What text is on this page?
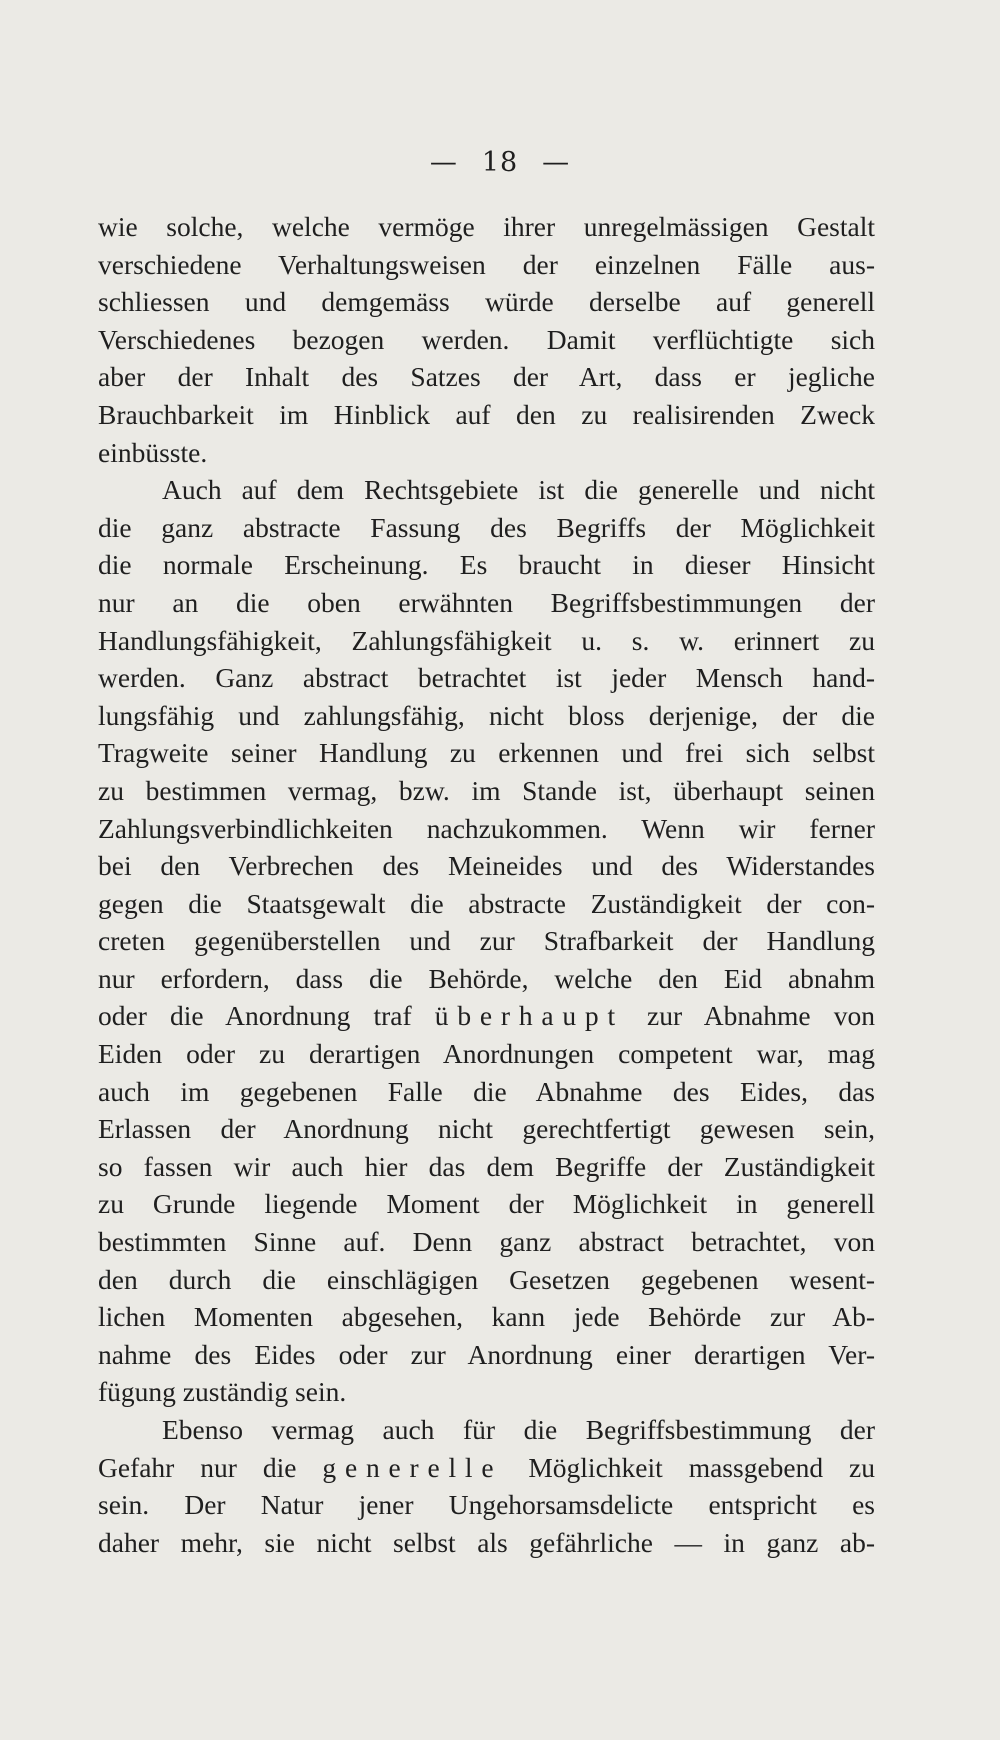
— 18 —
wie solche, welche vermöge ihrer unregelmässigen Gestalt
verschiedene Verhaltungsweisen der einzelnen Fälle aus-
schliessen und demgemäss würde derselbe auf generell
Verschiedenes bezogen werden. Damit verflüchtigte sich
aber der Inhalt des Satzes der Art, dass er jegliche
Brauchbarkeit im Hinblick auf den zu realisirenden Zweck
einbüsste.
Auch auf dem Rechtsgebiete ist die generelle und nicht
die ganz abstracte Fassung des Begriffs der Möglichkeit
die normale Erscheinung. Es braucht in dieser Hinsicht
nur an die oben erwähnten Begriffsbestimmungen der
Handlungsfähigkeit, Zahlungsfähigkeit u. s. w. erinnert zu
werden. Ganz abstract betrachtet ist jeder Mensch hand-
lungsfähig und zahlungsfähig, nicht bloss derjenige, der die
Tragweite seiner Handlung zu erkennen und frei sich selbst
zu bestimmen vermag, bzw. im Stande ist, überhaupt seinen
Zahlungsverbindlichkeiten nachzukommen. Wenn wir ferner
bei den Verbrechen des Meineides und des Widerstandes
gegen die Staatsgewalt die abstracte Zuständigkeit der con-
creten gegenüberstellen und zur Strafbarkeit der Handlung
nur erfordern, dass die Behörde, welche den Eid abnahm
oder die Anordnung traf überhaupt zur Abnahme von
Eiden oder zu derartigen Anordnungen competent war, mag
auch im gegebenen Falle die Abnahme des Eides, das
Erlassen der Anordnung nicht gerechtfertigt gewesen sein,
so fassen wir auch hier das dem Begriffe der Zuständigkeit
zu Grunde liegende Moment der Möglichkeit in generell
bestimmten Sinne auf. Denn ganz abstract betrachtet, von
den durch die einschlägigen Gesetzen gegebenen wesent-
lichen Momenten abgesehen, kann jede Behörde zur Ab-
nahme des Eides oder zur Anordnung einer derartigen Ver-
fügung zuständig sein.
Ebenso vermag auch für die Begriffsbestimmung der
Gefahr nur die generelle Möglichkeit massgebend zu
sein. Der Natur jener Ungehorsamsdelicte entspricht es
daher mehr, sie nicht selbst als gefährliche — in ganz ab-
